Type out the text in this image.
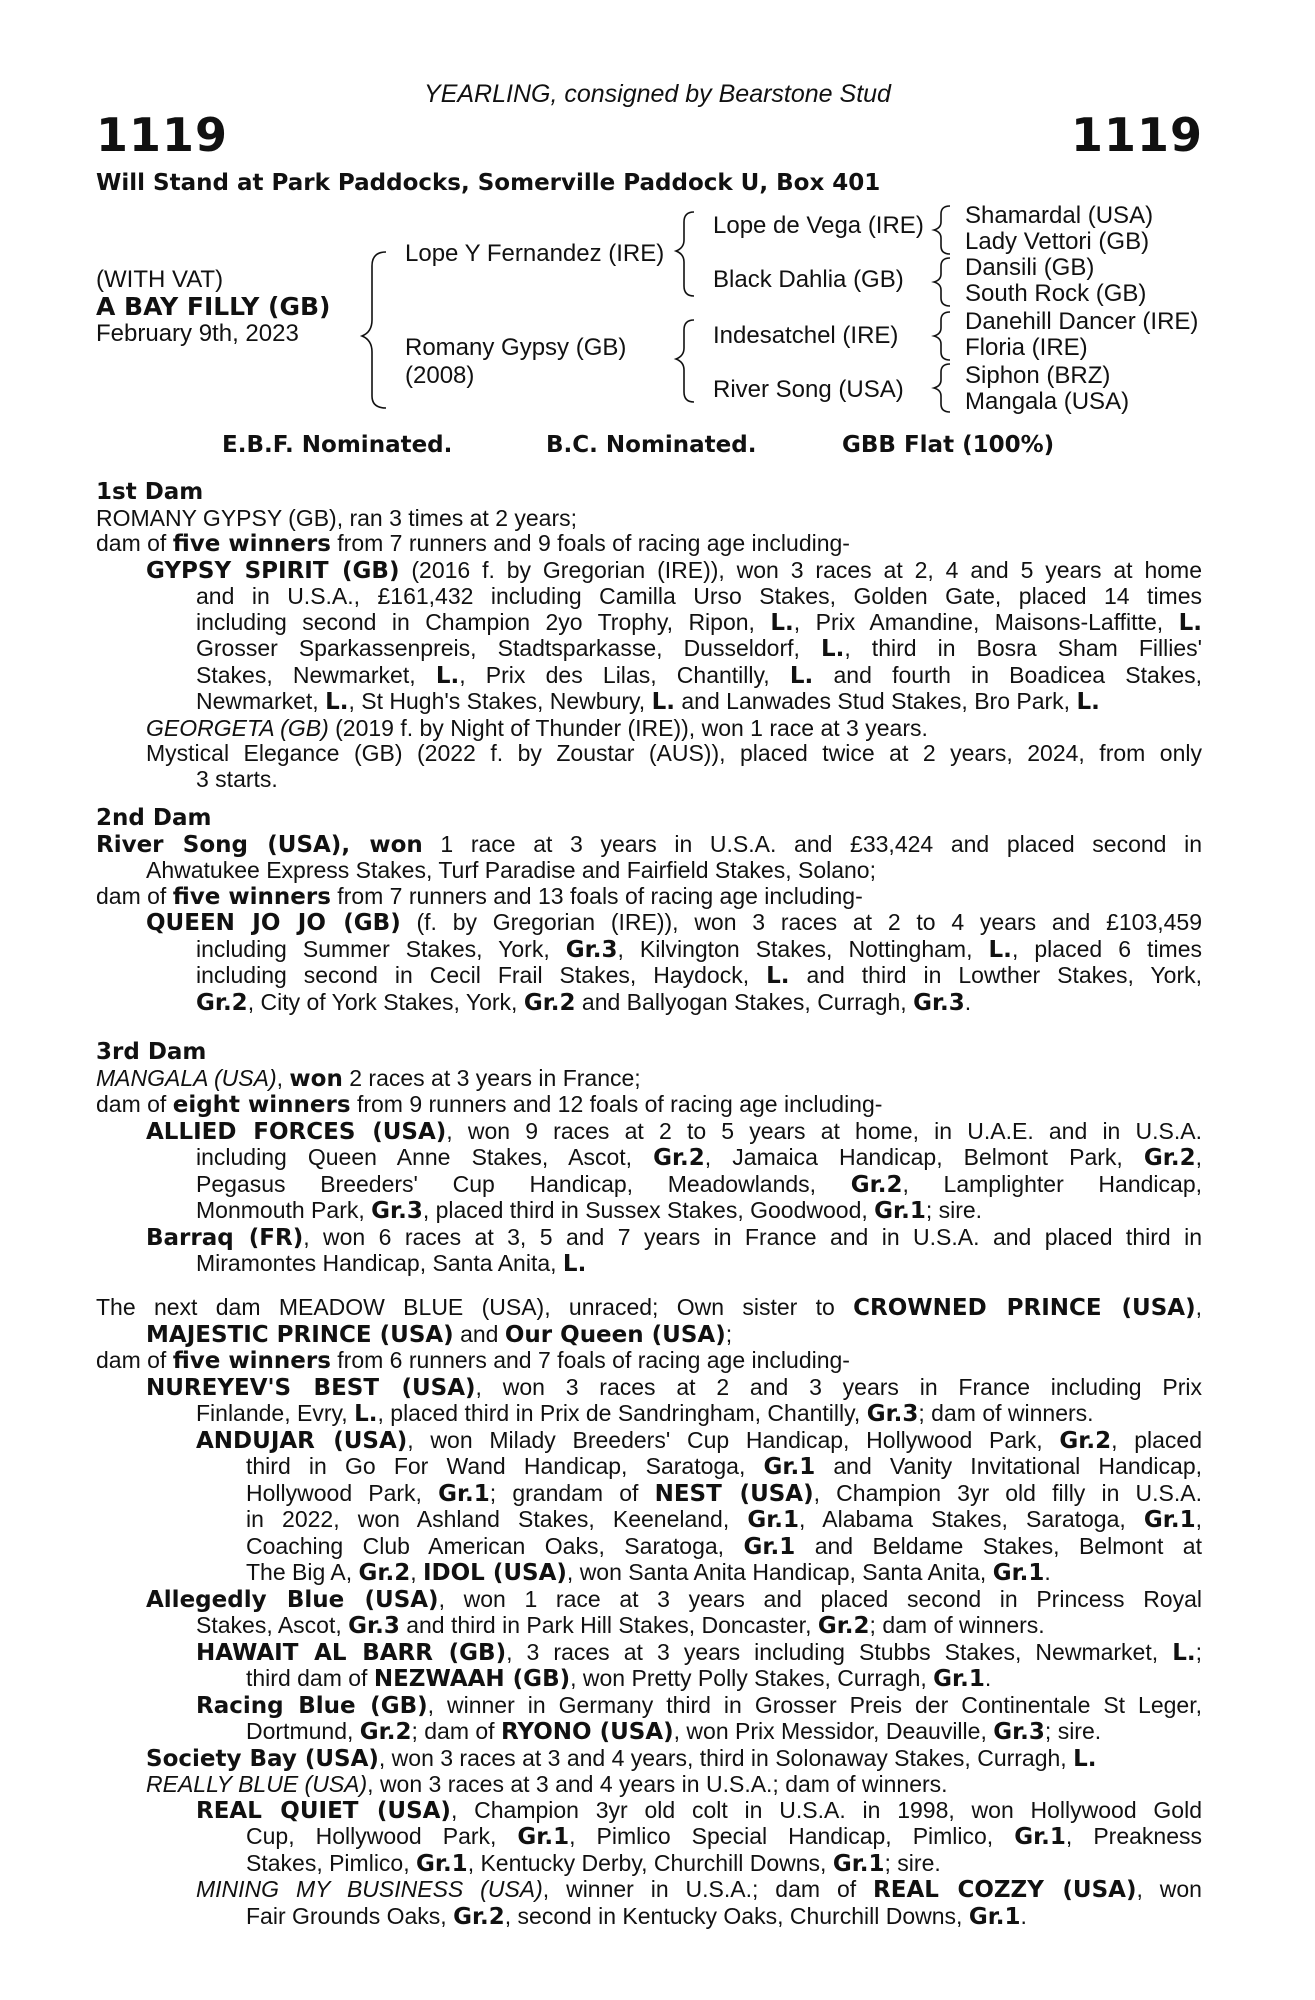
YEARLING, consigned by Bearstone Stud
1119	1119
Will Stand at Park Paddocks, Somerville Paddock U, Box 401
(WITH VAT)
A BAY FILLY (GB)
February 9th, 2023
Lope Y Fernandez (IRE)
Romany Gypsy (GB)
(2008)
Lope de Vega (IRE)
Black Dahlia (GB)
Indesatchel (IRE)
River Song (USA)
Shamardal (USA)
Lady Vettori (GB)
Dansili (GB)
South Rock (GB)
Danehill Dancer (IRE)
Floria (IRE)
Siphon (BRZ)
Mangala (USA)
E.B.F. Nominated.	B.C. Nominated.	GBB Flat (100%)

1st Dam

ROMANY GYPSY (GB), ran 3 times at 2 years;

dam of five winners from 7 runners and 9 foals of racing age including-

GYPSY SPIRIT (GB) (2016 f. by Gregorian (IRE)), won 3 races at 2, 4 and 5 years at home

and in U.S.A., £161,432 including Camilla Urso Stakes, Golden Gate, placed 14 times

including second in Champion 2yo Trophy, Ripon, L., Prix Amandine, Maisons-Laffitte, L.

Grosser Sparkassenpreis, Stadtsparkasse, Dusseldorf, L., third in Bosra Sham Fillies'

Stakes, Newmarket, L., Prix des Lilas, Chantilly, L. and fourth in Boadicea Stakes,

Newmarket, L., St Hugh's Stakes, Newbury, L. and Lanwades Stud Stakes, Bro Park, L.

GEORGETA (GB) (2019 f. by Night of Thunder (IRE)), won 1 race at 3 years.

Mystical Elegance (GB) (2022 f. by Zoustar (AUS)), placed twice at 2 years, 2024, from only

3 starts.

2nd Dam

River Song (USA), won 1 race at 3 years in U.S.A. and £33,424 and placed second in

Ahwatukee Express Stakes, Turf Paradise and Fairfield Stakes, Solano;

dam of five winners from 7 runners and 13 foals of racing age including-

QUEEN JO JO (GB) (f. by Gregorian (IRE)), won 3 races at 2 to 4 years and £103,459

including Summer Stakes, York, Gr.3, Kilvington Stakes, Nottingham, L., placed 6 times

including second in Cecil Frail Stakes, Haydock, L. and third in Lowther Stakes, York,

Gr.2, City of York Stakes, York, Gr.2 and Ballyogan Stakes, Curragh, Gr.3.

3rd Dam

MANGALA (USA), won 2 races at 3 years in France;

dam of eight winners from 9 runners and 12 foals of racing age including-

ALLIED FORCES (USA), won 9 races at 2 to 5 years at home, in U.A.E. and in U.S.A.

including Queen Anne Stakes, Ascot, Gr.2, Jamaica Handicap, Belmont Park, Gr.2,

Pegasus Breeders' Cup Handicap, Meadowlands, Gr.2, Lamplighter Handicap,

Monmouth Park, Gr.3, placed third in Sussex Stakes, Goodwood, Gr.1; sire.

Barraq (FR), won 6 races at 3, 5 and 7 years in France and in U.S.A. and placed third in

Miramontes Handicap, Santa Anita, L.

The next dam MEADOW BLUE (USA), unraced; Own sister to CROWNED PRINCE (USA),

MAJESTIC PRINCE (USA) and Our Queen (USA);

dam of five winners from 6 runners and 7 foals of racing age including-

NUREYEV'S BEST (USA), won 3 races at 2 and 3 years in France including Prix

Finlande, Evry, L., placed third in Prix de Sandringham, Chantilly, Gr.3; dam of winners.

ANDUJAR (USA), won Milady Breeders' Cup Handicap, Hollywood Park, Gr.2, placed

third in Go For Wand Handicap, Saratoga, Gr.1 and Vanity Invitational Handicap,

Hollywood Park, Gr.1; grandam of NEST (USA), Champion 3yr old filly in U.S.A.

in 2022, won Ashland Stakes, Keeneland, Gr.1, Alabama Stakes, Saratoga, Gr.1,

Coaching Club American Oaks, Saratoga, Gr.1 and Beldame Stakes, Belmont at

The Big A, Gr.2, IDOL (USA), won Santa Anita Handicap, Santa Anita, Gr.1.

Allegedly Blue (USA), won 1 race at 3 years and placed second in Princess Royal

Stakes, Ascot, Gr.3 and third in Park Hill Stakes, Doncaster, Gr.2; dam of winners.

HAWAIT AL BARR (GB), 3 races at 3 years including Stubbs Stakes, Newmarket, L.;

third dam of NEZWAAH (GB), won Pretty Polly Stakes, Curragh, Gr.1.

Racing Blue (GB), winner in Germany third in Grosser Preis der Continentale St Leger,

Dortmund, Gr.2; dam of RYONO (USA), won Prix Messidor, Deauville, Gr.3; sire.

Society Bay (USA), won 3 races at 3 and 4 years, third in Solonaway Stakes, Curragh, L.

REALLY BLUE (USA), won 3 races at 3 and 4 years in U.S.A.; dam of winners.

REAL QUIET (USA), Champion 3yr old colt in U.S.A. in 1998, won Hollywood Gold

Cup, Hollywood Park, Gr.1, Pimlico Special Handicap, Pimlico, Gr.1, Preakness

Stakes, Pimlico, Gr.1, Kentucky Derby, Churchill Downs, Gr.1; sire.

MINING MY BUSINESS (USA), winner in U.S.A.; dam of REAL COZZY (USA), won

Fair Grounds Oaks, Gr.2, second in Kentucky Oaks, Churchill Downs, Gr.1.
